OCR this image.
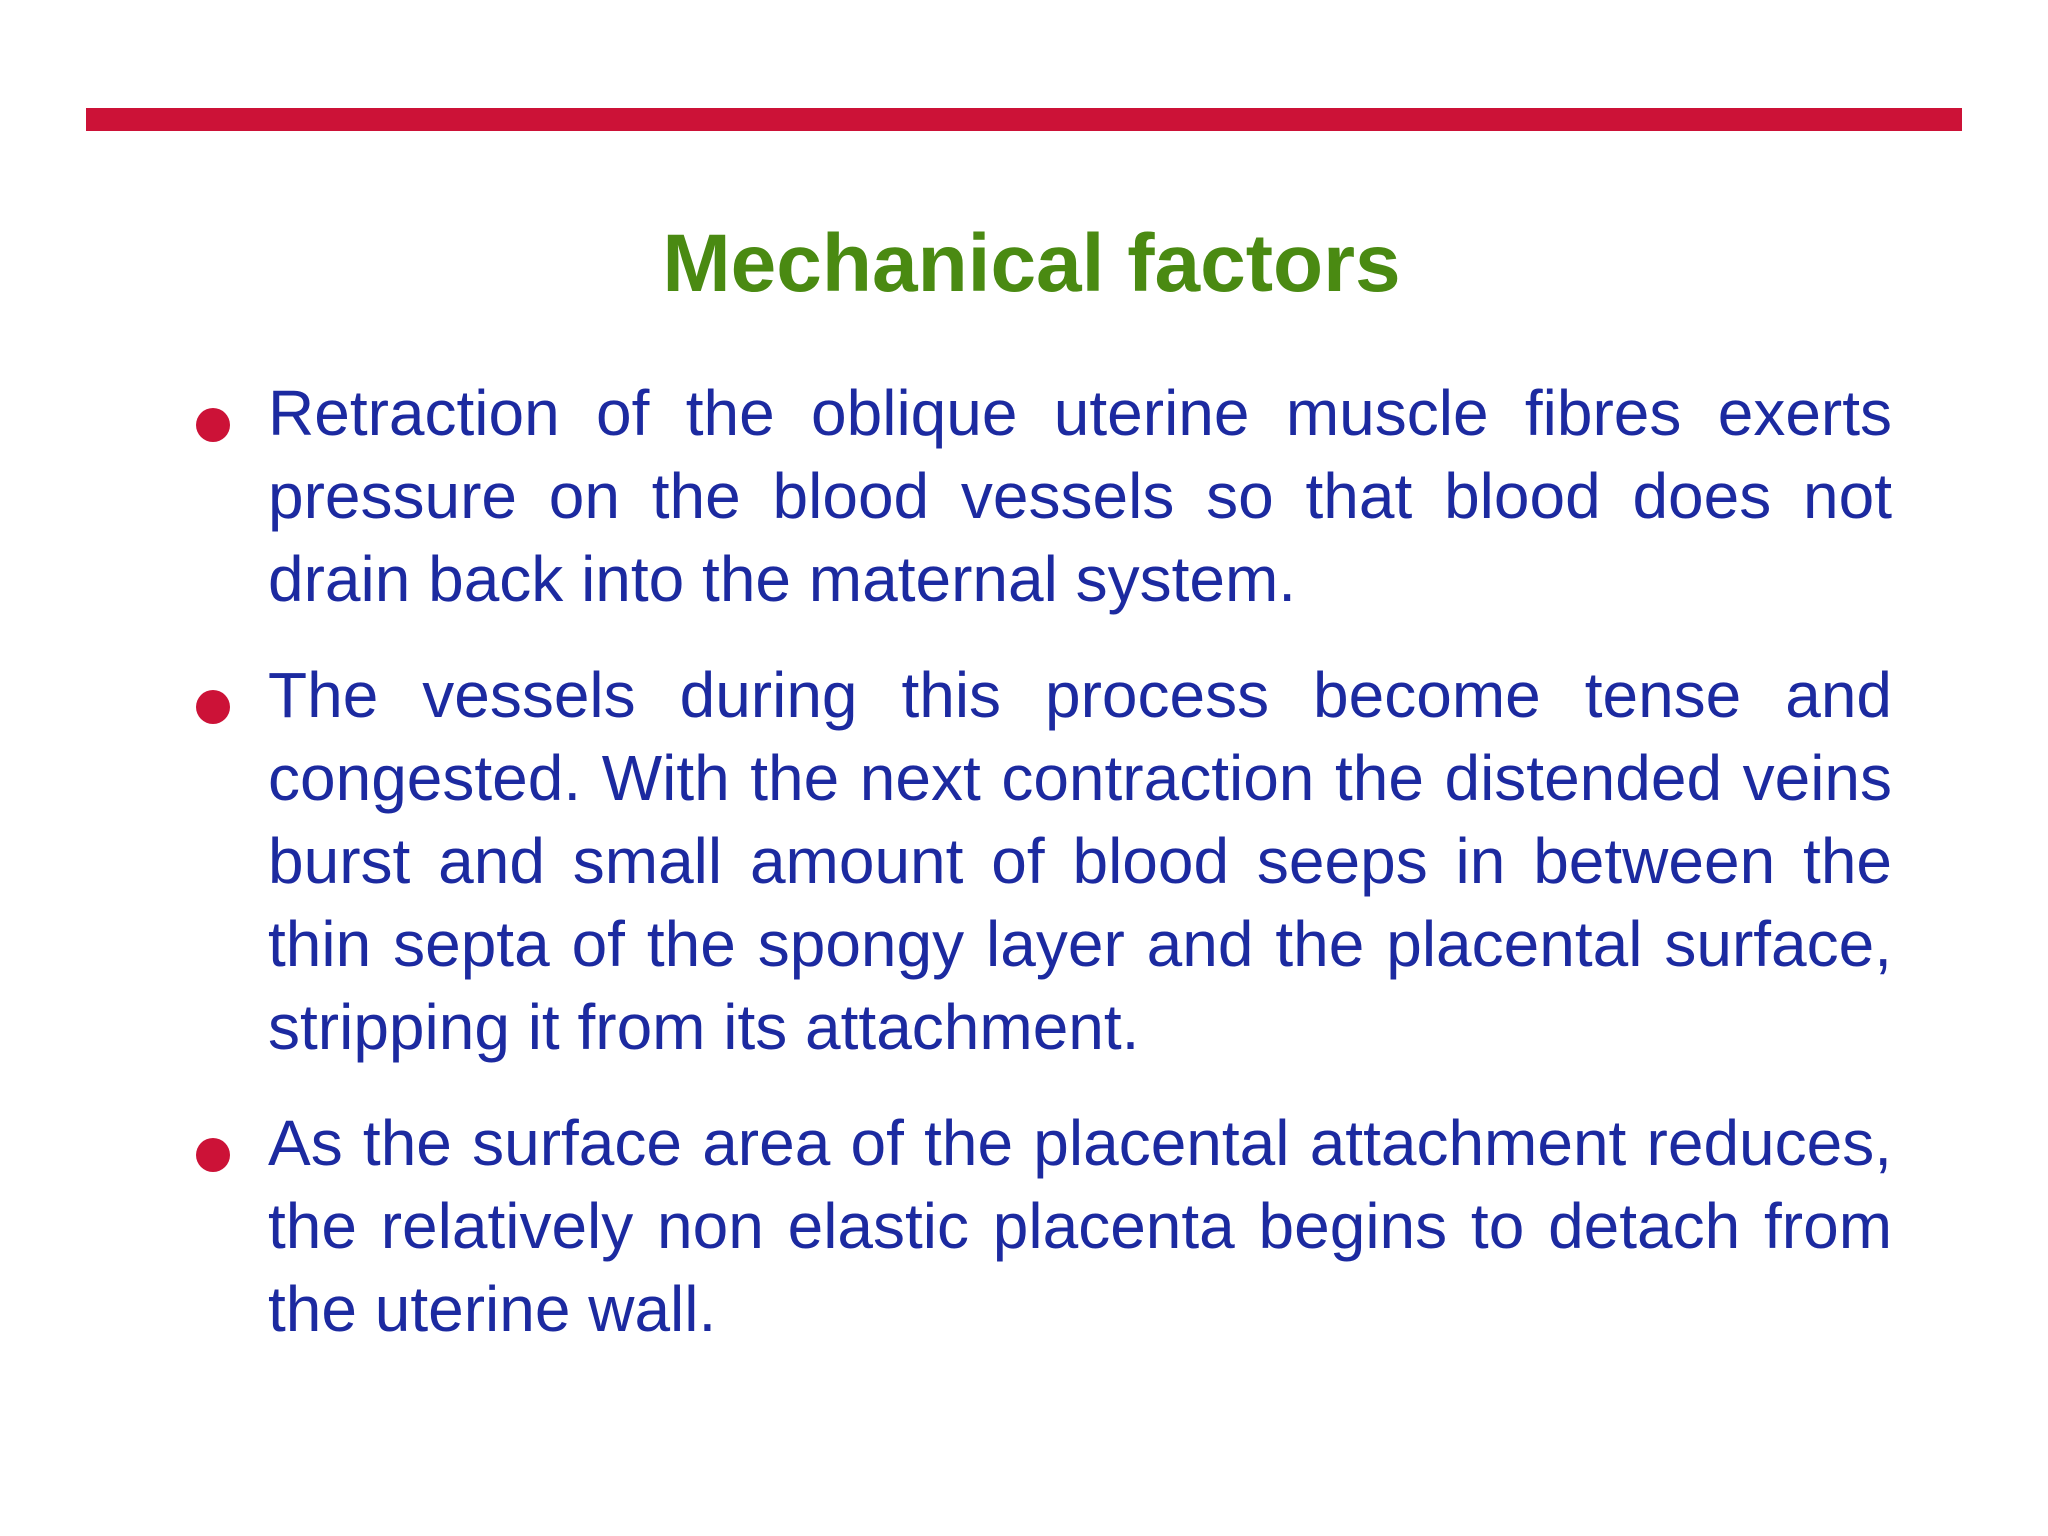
Mechanical factors
Retraction of the oblique uterine muscle fibres exerts pressure on the blood vessels so that blood does not drain back into the maternal system.
The vessels during this process become tense and congested. With the next contraction the distended veins burst and small amount of blood seeps in between the thin septa of the spongy layer and the placental surface, stripping it from its attachment.
As the surface area of the placental attachment reduces, the relatively non elastic placenta begins to detach from the uterine wall.
